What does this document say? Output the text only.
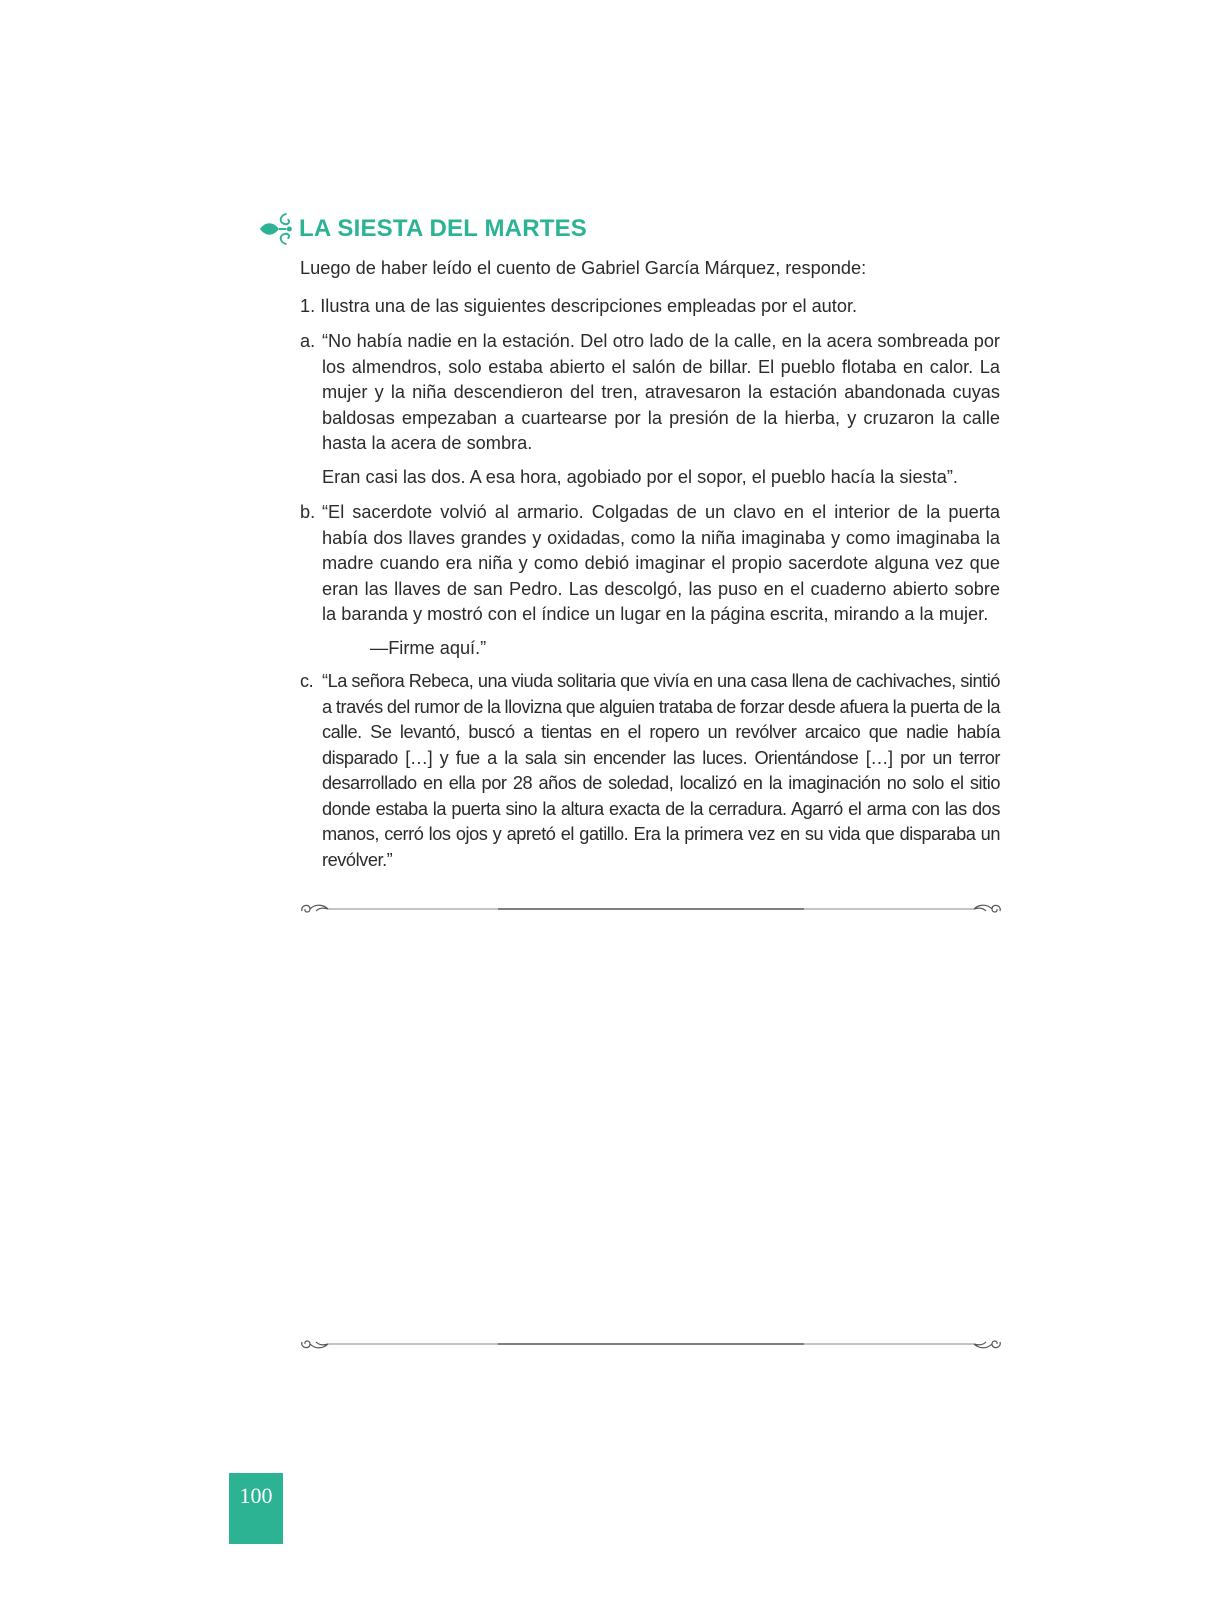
LA SIESTA DEL MARTES

Luego de haber leído el cuento de Gabriel García Márquez, responde:

1. Ilustra una de las siguientes descripciones empleadas por el autor.

a. “No había nadie en la estación. Del otro lado de la calle, en la acera sombreada por los almendros, solo estaba abierto el salón de billar. El pueblo flotaba en calor. La mujer y la niña descendieron del tren, atravesaron la estación abandonada cuyas baldosas empezaban a cuartearse por la presión de la hierba, y cruzaron la calle hasta la acera de sombra.

Eran casi las dos. A esa hora, agobiado por el sopor, el pueblo hacía la siesta”.

b. “El sacerdote volvió al armario. Colgadas de un clavo en el interior de la puerta había dos llaves grandes y oxidadas, como la niña imaginaba y como imaginaba la madre cuando era niña y como debió imaginar el propio sacerdote alguna vez que eran las llaves de san Pedro. Las descolgó, las puso en el cuaderno abierto sobre la baranda y mostró con el índice un lugar en la página escrita, mirando a la mujer.

—Firme aquí.”

c. “La señora Rebeca, una viuda solitaria que vivía en una casa llena de cachivaches, sintió a través del rumor de la llovizna que alguien trataba de forzar desde afuera la puerta de la calle. Se levantó, buscó a tientas en el ropero un revólver arcaico que nadie había disparado […] y fue a la sala sin encender las luces. Orientándose […] por un terror desarrollado en ella por 28 años de soledad, localizó en la imaginación no solo el sitio donde estaba la puerta sino la altura exacta de la cerradura. Agarró el arma con las dos manos, cerró los ojos y apretó el gatillo. Era la primera vez en su vida que disparaba un revólver.”
100
